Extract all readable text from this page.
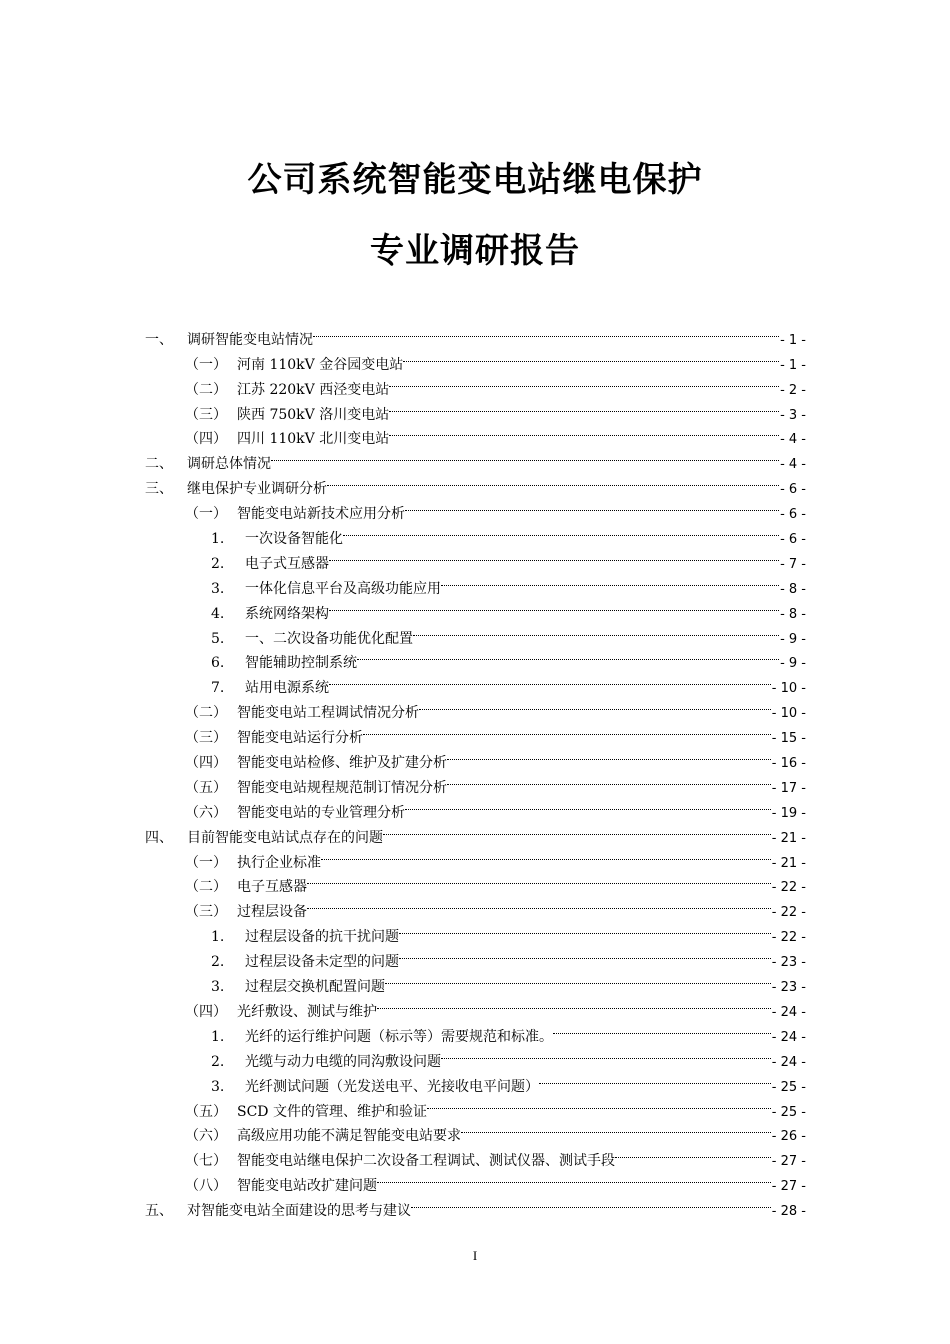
公司系统智能变电站继电保护
专业调研报告
一、	调研智能变电站情况	- 1 -
（一） 河南 110kV 金谷园变电站	- 1 -
（二） 江苏 220kV 西泾变电站	- 2 -
（三） 陕西 750kV 洛川变电站	- 3 -
（四） 四川 110kV 北川变电站	- 4 -
二、	调研总体情况	- 4 -
三、	继电保护专业调研分析	- 6 -
（一） 智能变电站新技术应用分析	- 6 -
1.	一次设备智能化	- 6 -
2.	电子式互感器	- 7 -
3.	一体化信息平台及高级功能应用	- 8 -
4.	系统网络架构	- 8 -
5.	一、二次设备功能优化配置	- 9 -
6.	智能辅助控制系统	- 9 -
7.	站用电源系统	- 10 -
（二） 智能变电站工程调试情况分析	- 10 -
（三） 智能变电站运行分析	- 15 -
（四） 智能变电站检修、维护及扩建分析	- 16 -
（五） 智能变电站规程规范制订情况分析	- 17 -
（六） 智能变电站的专业管理分析	- 19 -
四、	目前智能变电站试点存在的问题	- 21 -
（一） 执行企业标准	- 21 -
（二） 电子互感器	- 22 -
（三） 过程层设备	- 22 -
1.	过程层设备的抗干扰问题	- 22 -
2.	过程层设备未定型的问题	- 23 -
3.	过程层交换机配置问题	- 23 -
（四） 光纤敷设、测试与维护	- 24 -
1.	光纤的运行维护问题（标示等）需要规范和标准。	- 24 -
2.	光缆与动力电缆的同沟敷设问题	- 24 -
3.	光纤测试问题（光发送电平、光接收电平问题）	- 25 -
（五） SCD 文件的管理、维护和验证	- 25 -
（六） 高级应用功能不满足智能变电站要求	- 26 -
（七） 智能变电站继电保护二次设备工程调试、测试仪器、测试手段	- 27 -
（八） 智能变电站改扩建问题	- 27 -
五、	对智能变电站全面建设的思考与建议	- 28 -
I
